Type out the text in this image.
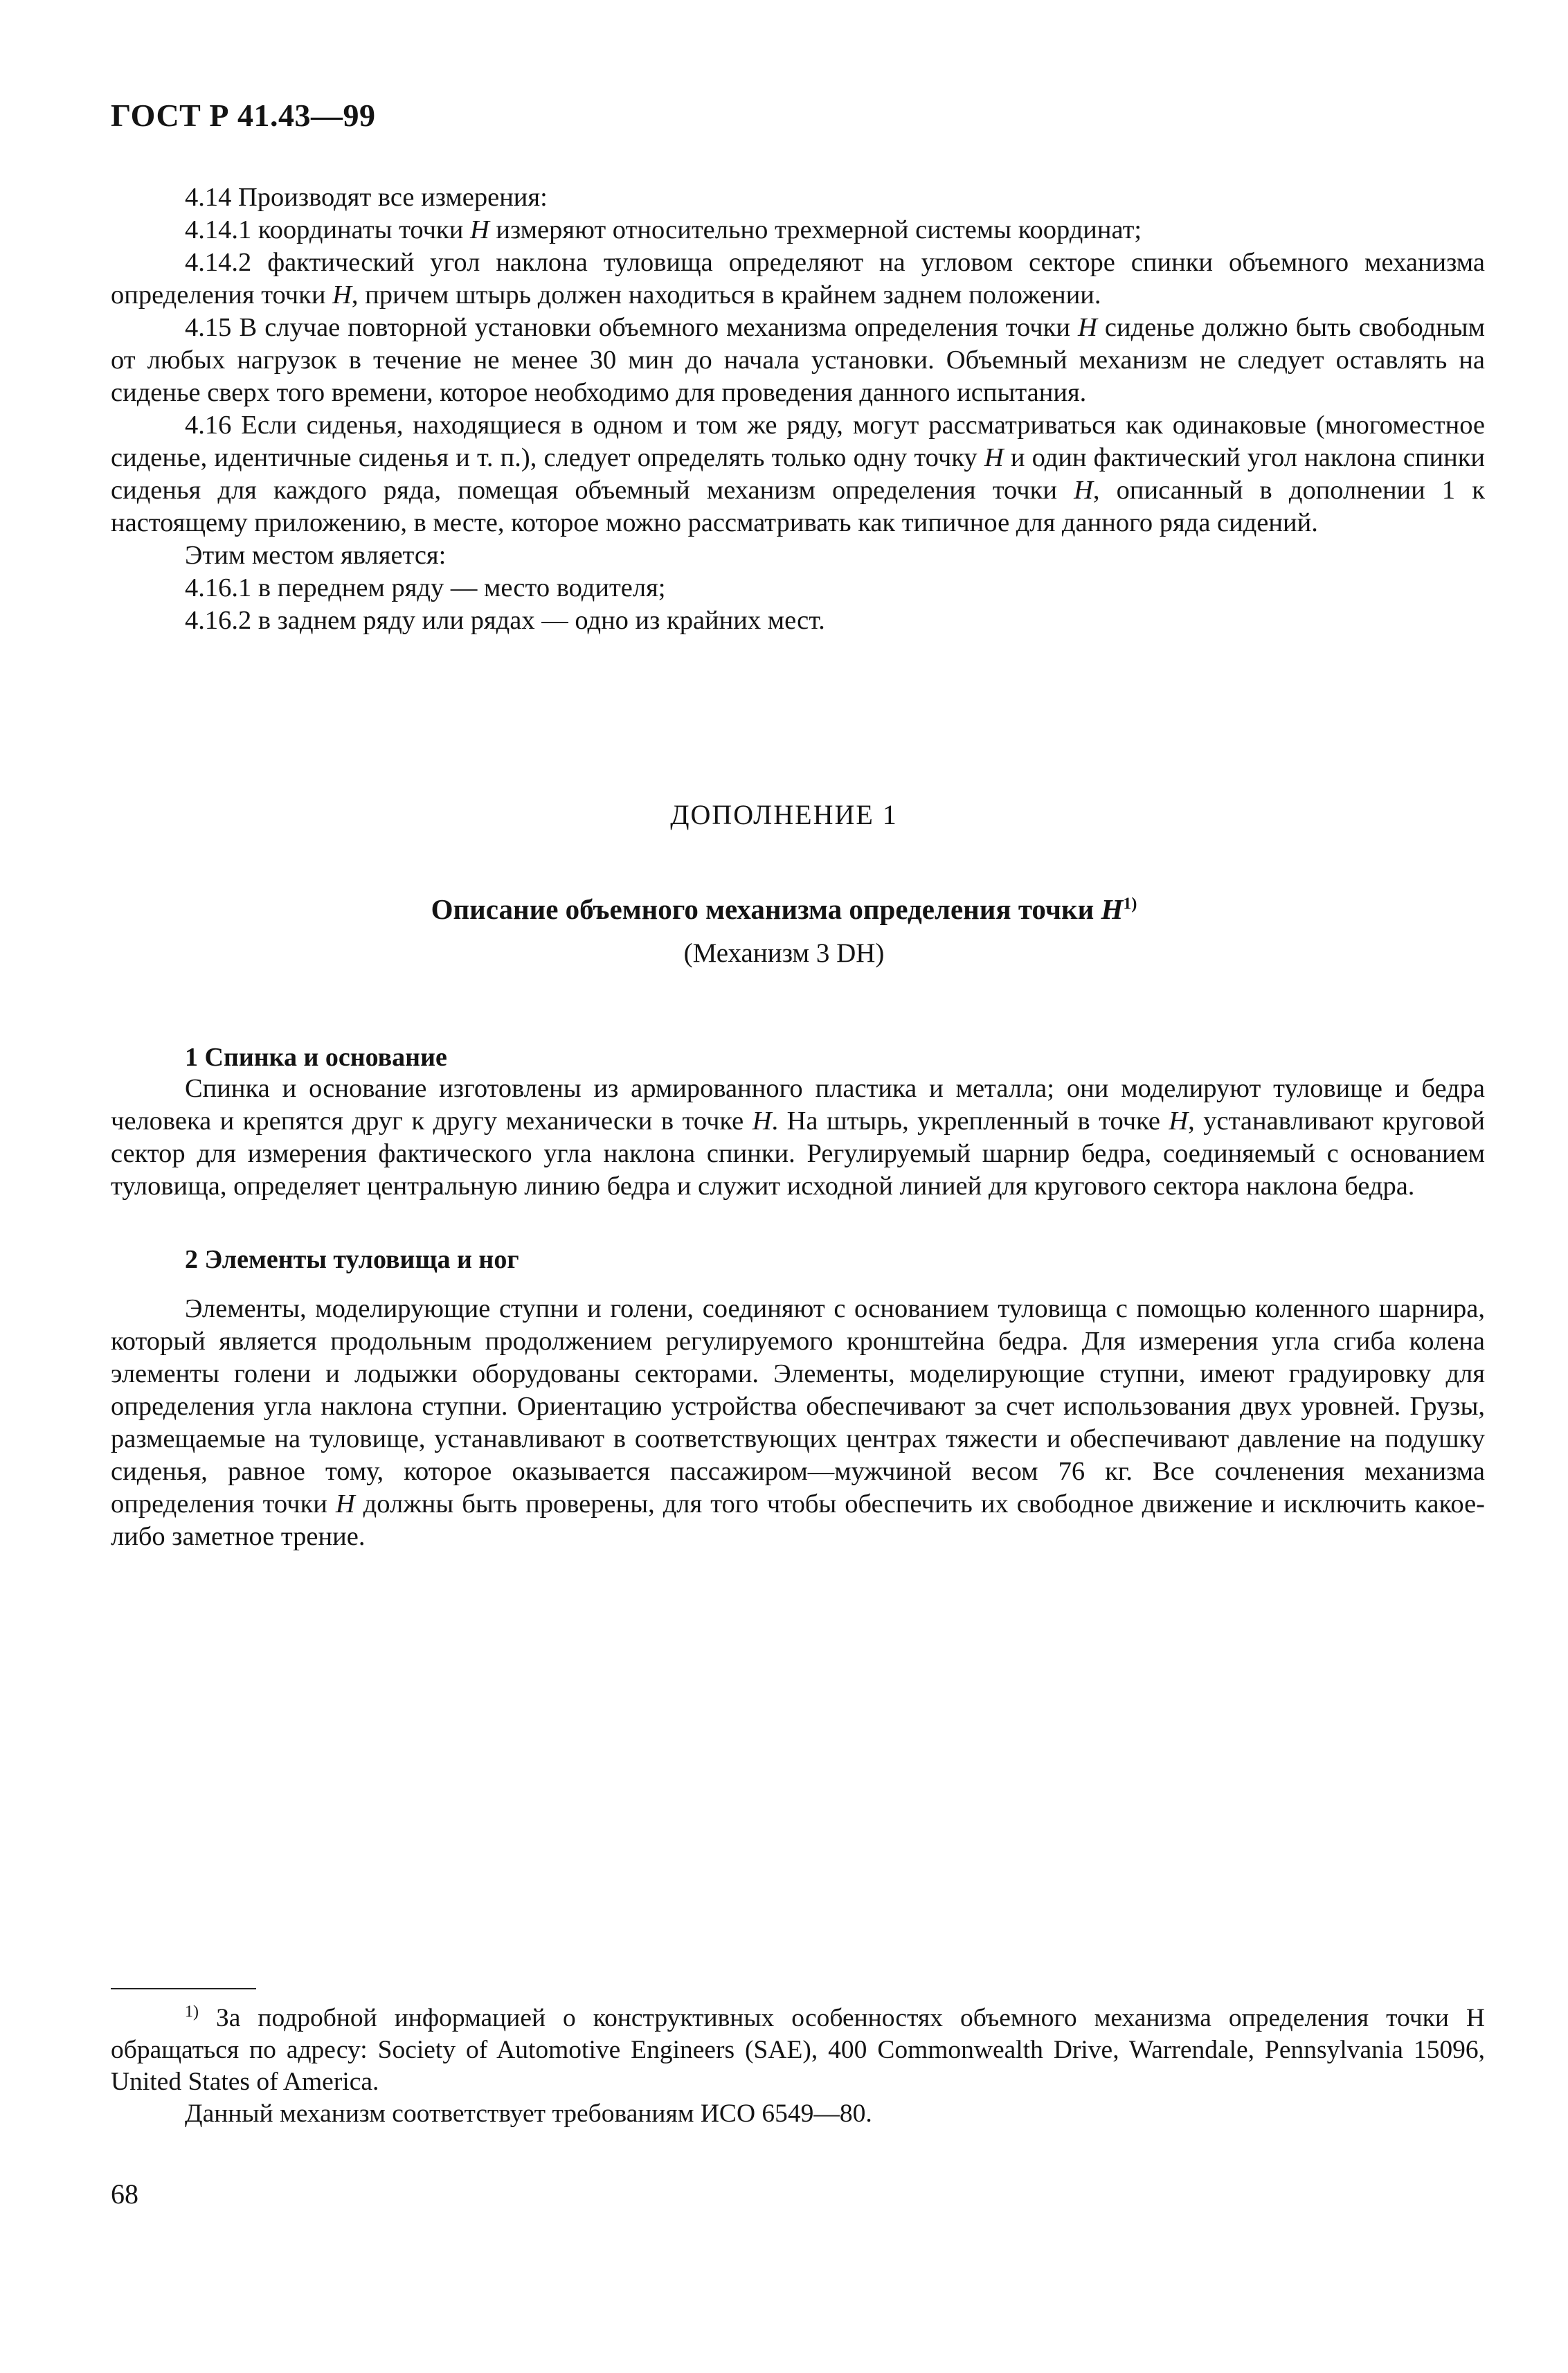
ГОСТ Р 41.43—99

4.14 Производят все измерения:

4.14.1 координаты точки H измеряют относительно трехмерной системы координат;

4.14.2 фактический угол наклона туловища определяют на угловом секторе спинки объемного механизма определения точки H, причем штырь должен находиться в крайнем заднем положении.

4.15 В случае повторной установки объемного механизма определения точки H сиденье должно быть свободным от любых нагрузок в течение не менее 30 мин до начала установки. Объемный механизм не следует оставлять на сиденье сверх того времени, которое необходимо для проведения данного испытания.

4.16 Если сиденья, находящиеся в одном и том же ряду, могут рассматриваться как одинаковые (многоместное сиденье, идентичные сиденья и т. п.), следует определять только одну точку H и один фактический угол наклона спинки сиденья для каждого ряда, помещая объемный механизм определения точки H, описанный в дополнении 1 к настоящему приложению, в месте, которое можно рассматривать как типичное для данного ряда сидений.

Этим местом является:

4.16.1 в переднем ряду — место водителя;

4.16.2 в заднем ряду или рядах — одно из крайних мест.

ДОПОЛНЕНИЕ 1
Описание объемного механизма определения точки $H^{1)}$
(Механизм 3 DH)
1 Спинка и основание

Спинка и основание изготовлены из армированного пластика и металла; они моделируют туловище и бедра человека и крепятся друг к другу механически в точке H. На штырь, укрепленный в точке H, устанавливают круговой сектор для измерения фактического угла наклона спинки. Регулируемый шарнир бедра, соединяемый с основанием туловища, определяет центральную линию бедра и служит исходной линией для кругового сектора наклона бедра.

2 Элементы туловища и ног

Элементы, моделирующие ступни и голени, соединяют с основанием туловища с помощью коленного шарнира, который является продольным продолжением регулируемого кронштейна бедра. Для измерения угла сгиба колена элементы голени и лодыжки оборудованы секторами. Элементы, моделирующие ступни, имеют градуировку для определения угла наклона ступни. Ориентацию устройства обеспечивают за счет использования двух уровней. Грузы, размещаемые на туловище, устанавливают в соответствующих центрах тяжести и обеспечивают давление на подушку сиденья, равное тому, которое оказывается пассажиром—мужчиной весом 76 кг. Все сочленения механизма определения точки H должны быть проверены, для того чтобы обеспечить их свободное движение и исключить какое-либо заметное трение.

$^{1)}$ За подробной информацией о конструктивных особенностях объемного механизма определения точки H обращаться по адресу: Society of Automotive Engineers (SAE), 400 Commonwealth Drive, Warrendale, Pennsylvania 15096, United States of America.

Данный механизм соответствует требованиям ИСО 6549—80.

68
